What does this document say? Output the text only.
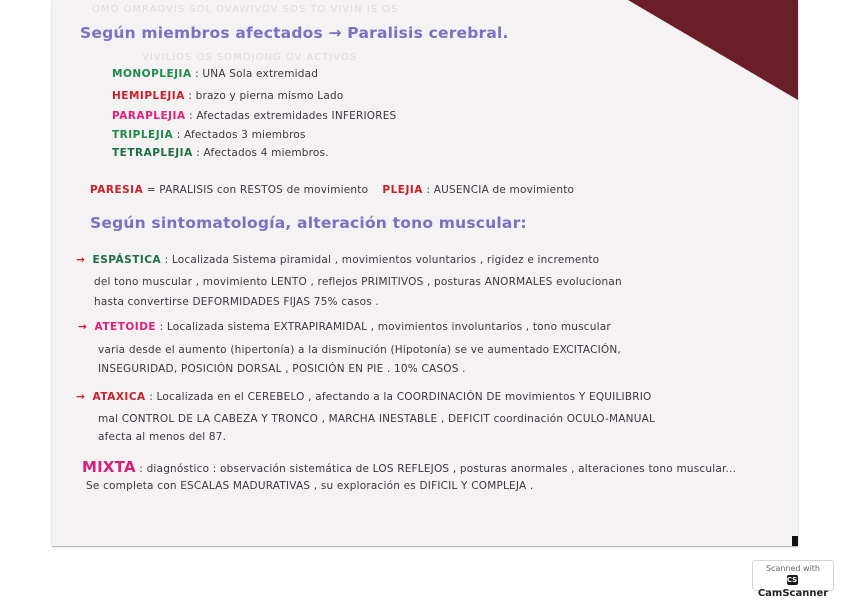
OMO OMRAOVIS SOL OVAWIVOV SOS TO VIVIN IS OS
VIVILIOS OS SOMOJONG OV ACTIVOS
Según miembros afectados → Paralisis cerebral.
MONOPLEJIA : UNA Sola extremidad
HEMIPLEJIA : brazo y pierna mismo Lado
PARAPLEJIA : Afectadas extremidades INFERIORES
TRIPLEJIA : Afectados 3 miembros
TETRAPLEJIA : Afectados 4 miembros.
PARESIA = PARALISIS con RESTOS de movimiento PLEJIA : AUSENCIA de movimiento
Según sintomatología, alteración tono muscular:
→ ESPÁSTICA : Localizada Sistema piramidal , movimientos voluntarios , rigidez e incremento
del tono muscular , movimiento LENTO , reflejos PRIMITIVOS , posturas ANORMALES evolucionan
hasta convertirse DEFORMIDADES FIJAS 75% casos .
→ ATETOIDE : Localizada sistema EXTRAPIRAMIDAL , movimientos involuntarios , tono muscular
varia desde el aumento (hipertonía) a la disminución (Hipotonía) se ve aumentado EXCITACIÓN,
INSEGURIDAD, POSICIÓN DORSAL , POSICIÓN EN PIE . 10% CASOS .
→ ATAXICA : Localizada en el CEREBELO , afectando a la COORDINACIÓN DE movimientos Y EQUILIBRIO
mal CONTROL DE LA CABEZA Y TRONCO , MARCHA INESTABLE , DEFICIT coordinación OCULO-MANUAL
afecta al menos del 87.
MIXTA : diagnóstico : observación sistemática de LOS REFLEJOS , posturas anormales , alteraciones tono muscular...
Se completa con ESCALAS MADURATIVAS , su exploración es DIFICIL Y COMPLEJA .
Scanned with
CSCamScanner
